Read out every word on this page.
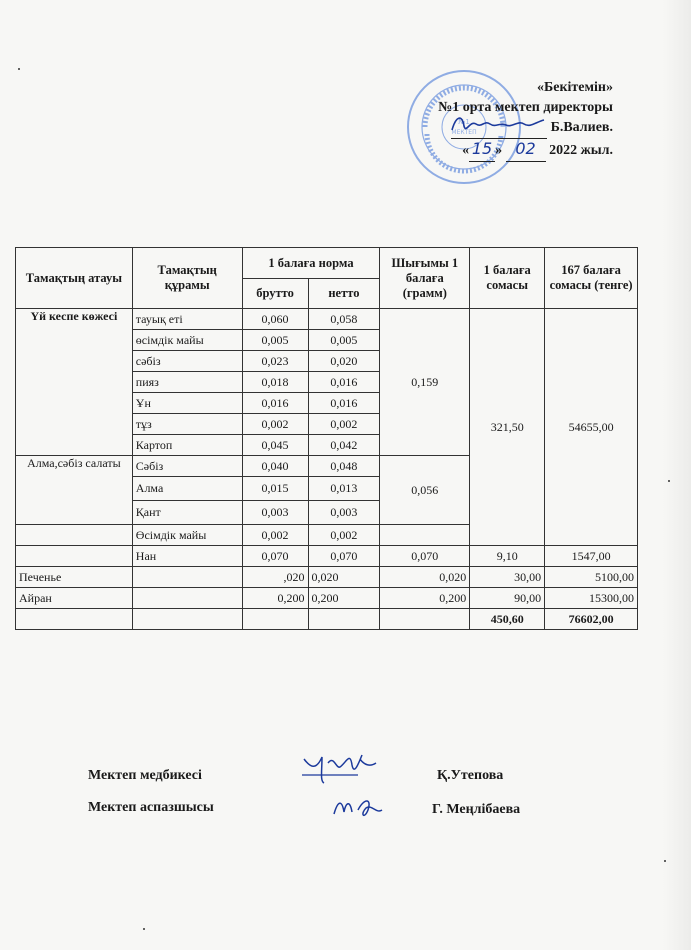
№1
МЕКТЕП
«Бекітемін»
№1 орта мектеп директоры
Б.Валиев.
« 15 » 02 2022 жыл.
Тамақтың атауы	Тамақтың құрамы	1 балаға норма		Шығымы 1 балаға (грамм)	1 балаға сомасы	167 балаға сомасы (тенге)
		брутто	нетто			
Үй кеспе көжесі	тауық еті	0,060	0,058	0,159	321,50	54655,00
	өсімдік майы	0,005	0,005			
	сәбіз	0,023	0,020			
	пияз	0,018	0,016			
	Ұн	0,016	0,016			
	тұз	0,002	0,002			
	Картоп	0,045	0,042			
Алма,сәбіз салаты	Сәбіз	0,040	0,048	0,056		
	Алма	0,015	0,013			
	Қант	0,003	0,003			
	Өсімдік майы	0,002	0,002			
	Нан	0,070	0,070	0,070	9,10	1547,00
Печенье		,020	0,020	0,020	30,00	5100,00
Айран		0,200	0,200	0,200	90,00	15300,00
					450,60	76602,00
Мектеп медбикесі	Қ.Утепова
Мектеп аспазшысы	Г. Меңлібаева
